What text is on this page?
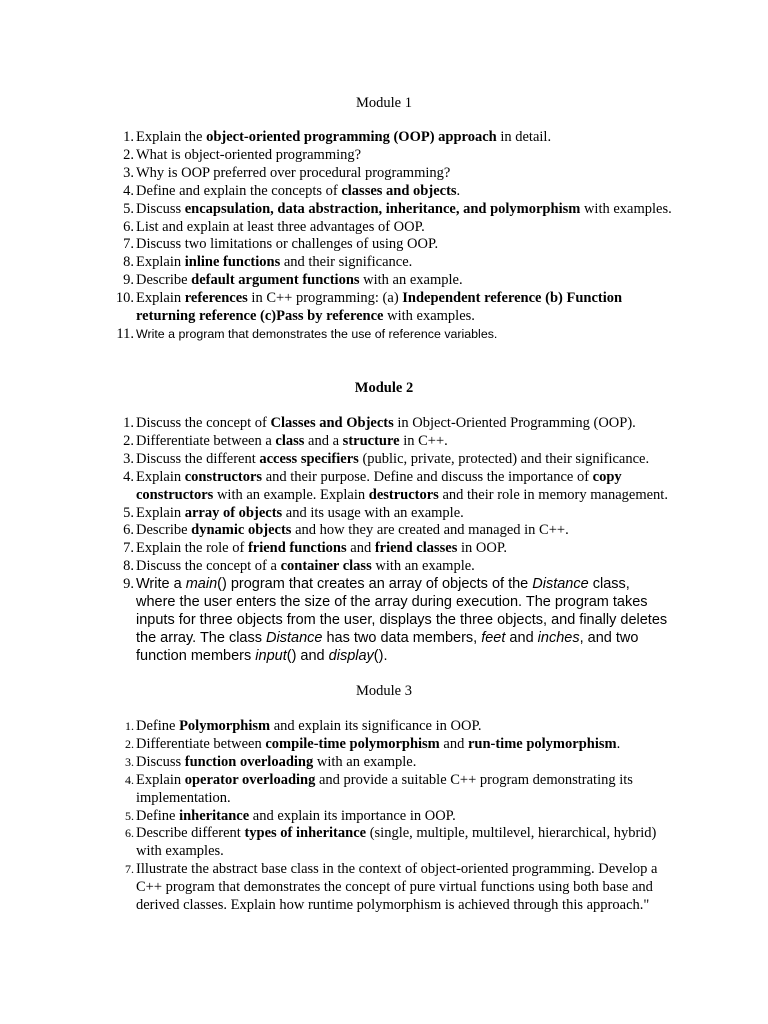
Module 1
1. Explain the object-oriented programming (OOP) approach in detail.
2. What is object-oriented programming?
3. Why is OOP preferred over procedural programming?
4. Define and explain the concepts of classes and objects.
5. Discuss encapsulation, data abstraction, inheritance, and polymorphism with examples.
6. List and explain at least three advantages of OOP.
7. Discuss two limitations or challenges of using OOP.
8. Explain inline functions and their significance.
9. Describe default argument functions with an example.
10. Explain references in C++ programming: (a) Independent reference (b) Function returning reference (c)Pass by reference with examples.
11. Write a program that demonstrates the use of reference variables.
Module 2
1. Discuss the concept of Classes and Objects in Object-Oriented Programming (OOP).
2. Differentiate between a class and a structure in C++.
3. Discuss the different access specifiers (public, private, protected) and their significance.
4. Explain constructors and their purpose. Define and discuss the importance of copy constructors with an example. Explain destructors and their role in memory management.
5. Explain array of objects and its usage with an example.
6. Describe dynamic objects and how they are created and managed in C++.
7. Explain the role of friend functions and friend classes in OOP.
8. Discuss the concept of a container class with an example.
9. Write a main() program that creates an array of objects of the Distance class, where the user enters the size of the array during execution. The program takes inputs for three objects from the user, displays the three objects, and finally deletes the array. The class Distance has two data members, feet and inches, and two function members input() and display().
Module 3
1. Define Polymorphism and explain its significance in OOP.
2. Differentiate between compile-time polymorphism and run-time polymorphism.
3. Discuss function overloading with an example.
4. Explain operator overloading and provide a suitable C++ program demonstrating its implementation.
5. Define inheritance and explain its importance in OOP.
6. Describe different types of inheritance (single, multiple, multilevel, hierarchical, hybrid) with examples.
7. Illustrate the abstract base class in the context of object-oriented programming. Develop a C++ program that demonstrates the concept of pure virtual functions using both base and derived classes. Explain how runtime polymorphism is achieved through this approach."
